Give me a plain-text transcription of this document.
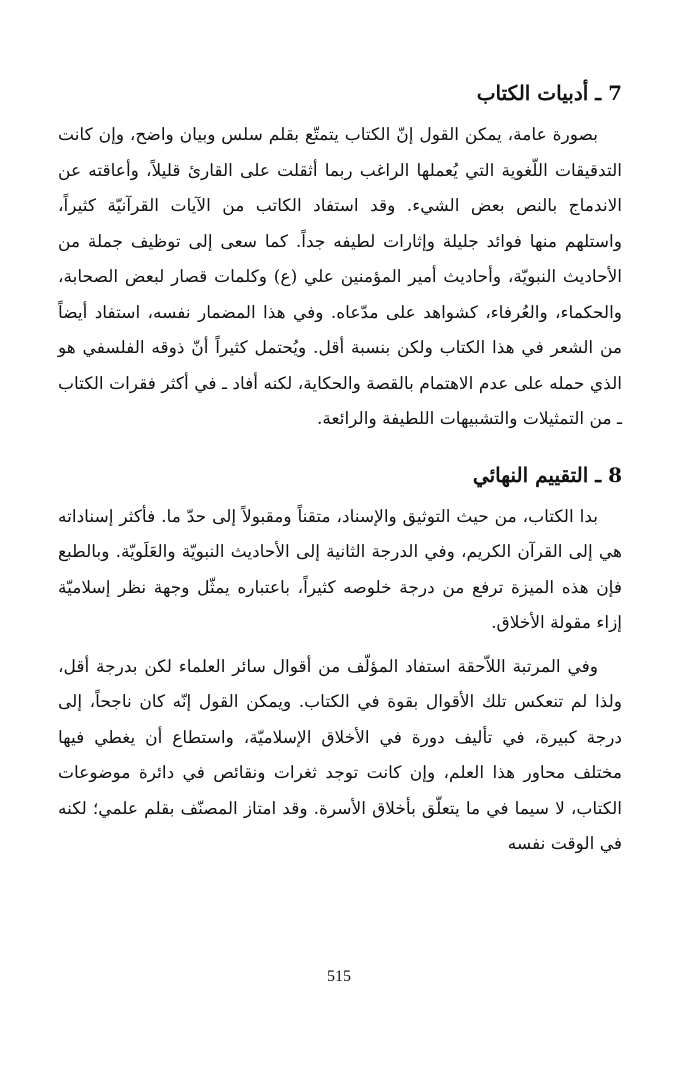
7 ـ أدبيات الكتاب

بصورة عامة، يمكن القول إنّ الكتاب يتمتّع بقلم سلس وبيان واضح، وإن كانت التدقيقات اللّغوية التي يُعملها الراغب ربما أثقلت على القارئ قليلاً، وأعاقته عن الاندماج بالنص بعض الشيء. وقد استفاد الكاتب من الآيات القرآنيّة كثيراً، واستلهم منها فوائد جليلة وإثارات لطيفه جداً. كما سعى إلى توظيف جملة من الأحاديث النبويّة، وأحاديث أمير المؤمنين علي (ع) وكلمات قصار لبعض الصحابة، والحكماء، والعُرفاء، كشواهد على مدّعاه. وفي هذا المضمار نفسه، استفاد أيضاً من الشعر في هذا الكتاب ولكن بنسبة أقل. ويُحتمل كثيراً أنّ ذوقه الفلسفي هو الذي حمله على عدم الاهتمام بالقصة والحكاية، لكنه أفاد ـ في أكثر فقرات الكتاب ـ من التمثيلات والتشبيهات اللطيفة والرائعة.

8 ـ التقييم النهائي

بدا الكتاب، من حيث التوثيق والإسناد، متقناً ومقبولاً إلى حدّ ما. فأكثر إسناداته هي إلى القرآن الكريم، وفي الدرجة الثانية إلى الأحاديث النبويّة والعَلَويّة. وبالطبع فإن هذه الميزة ترفع من درجة خلوصه كثيراً، باعتباره يمثّل وجهة نظر إسلاميّة إزاء مقولة الأخلاق.

وفي المرتبة اللاّحقة استفاد المؤلّف من أقوال سائر العلماء لكن بدرجة أقل، ولذا لم تنعكس تلك الأقوال بقوة في الكتاب. ويمكن القول إنّه كان ناجحاً، إلى درجة كبيرة، في تأليف دورة في الأخلاق الإسلاميّة، واستطاع أن يغطي فيها مختلف محاور هذا العلم، وإن كانت توجد ثغرات ونقائص في دائرة موضوعات الكتاب، لا سيما في ما يتعلّق بأخلاق الأسرة. وقد امتاز المصنّف بقلم علمي؛ لكنه في الوقت نفسه

515
